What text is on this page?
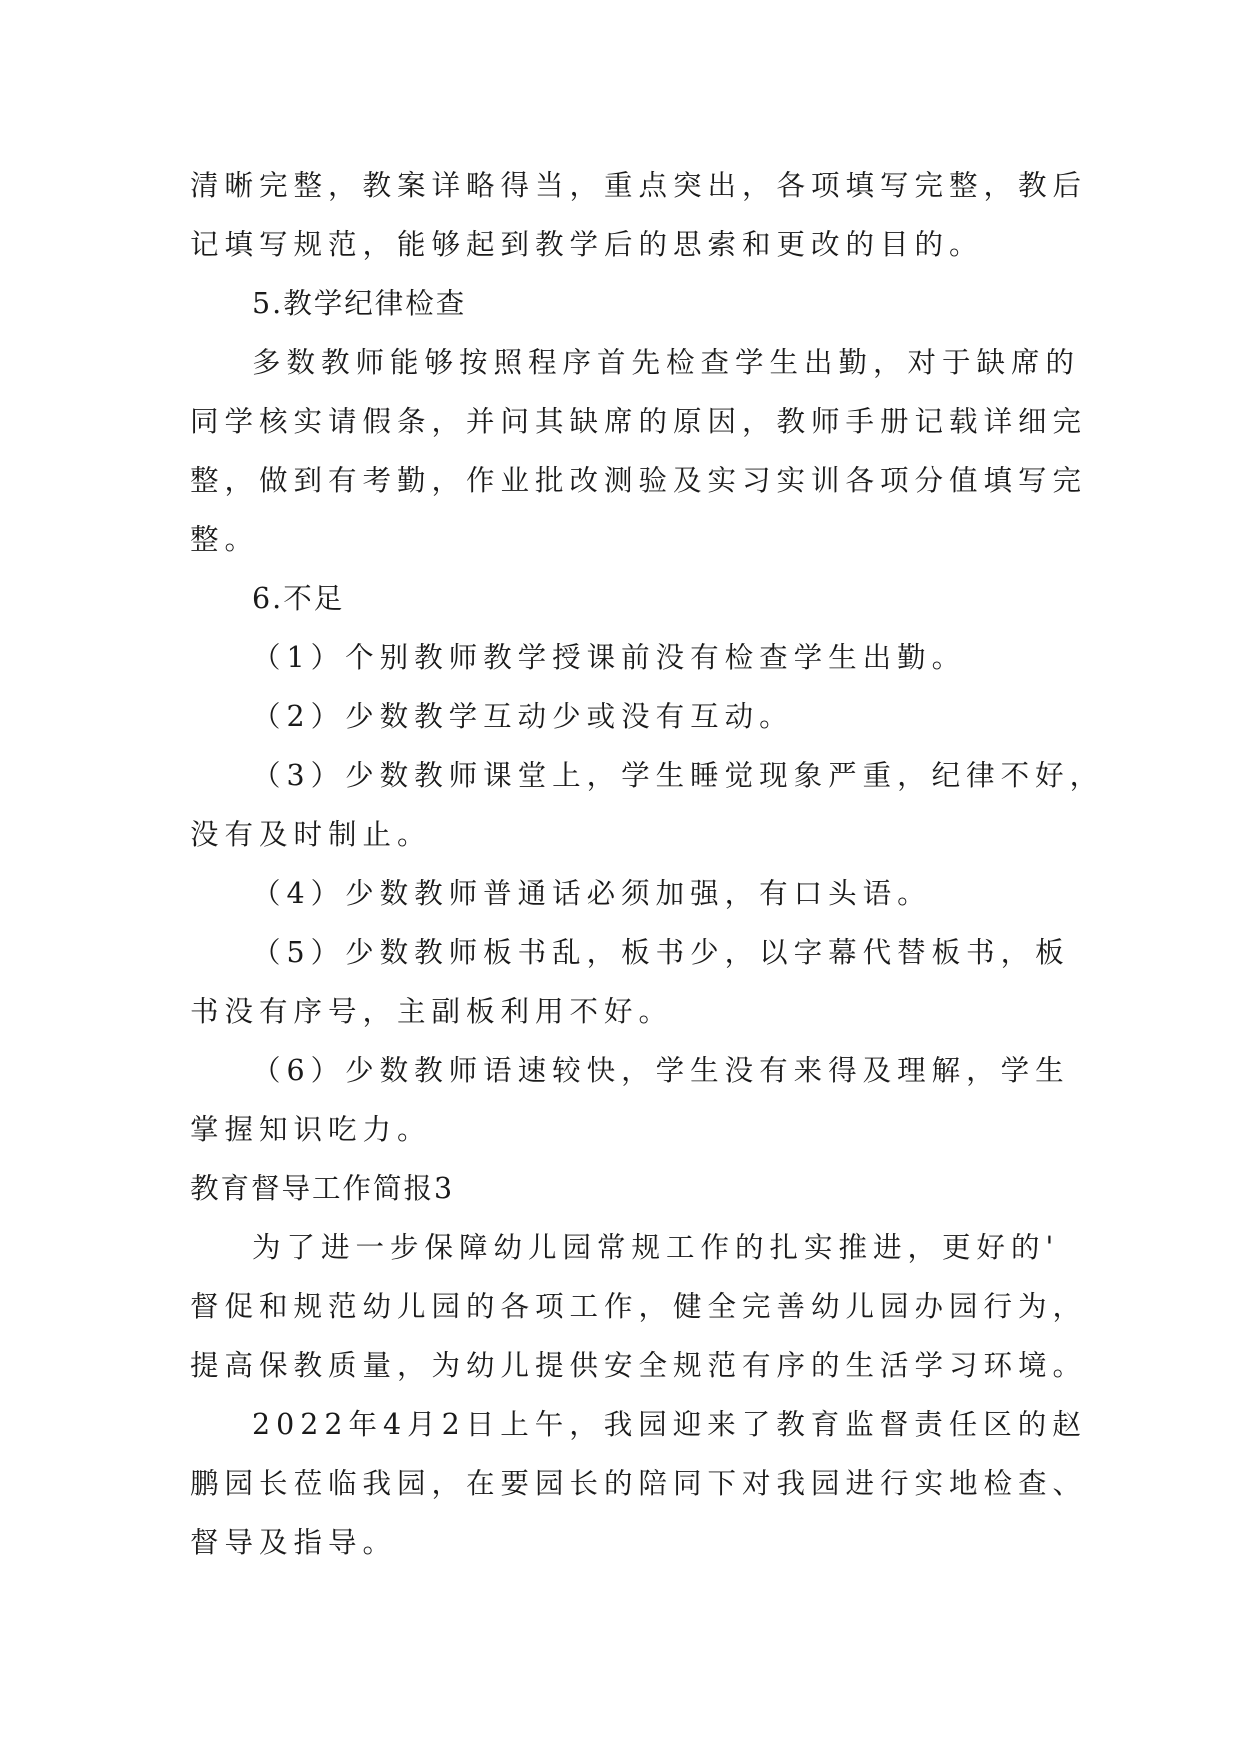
清晰完整，教案详略得当，重点突出，各项填写完整，教后
记填写规范，能够起到教学后的思索和更改的目的。
5.教学纪律检查
多数教师能够按照程序首先检查学生出勤，对于缺席的
同学核实请假条，并问其缺席的原因，教师手册记载详细完
整，做到有考勤，作业批改测验及实习实训各项分值填写完
整。
6.不足
（1）个别教师教学授课前没有检查学生出勤。
（2）少数教学互动少或没有互动。
（3）少数教师课堂上，学生睡觉现象严重，纪律不好，
没有及时制止。
（4）少数教师普通话必须加强，有口头语。
（5）少数教师板书乱，板书少，以字幕代替板书，板
书没有序号，主副板利用不好。
（6）少数教师语速较快，学生没有来得及理解，学生
掌握知识吃力。
教育督导工作简报3
为了进一步保障幼儿园常规工作的扎实推进，更好的'
督促和规范幼儿园的各项工作，健全完善幼儿园办园行为，
提高保教质量，为幼儿提供安全规范有序的生活学习环境。
2022年4月2日上午，我园迎来了教育监督责任区的赵
鹏园长莅临我园，在要园长的陪同下对我园进行实地检查、
督导及指导。
